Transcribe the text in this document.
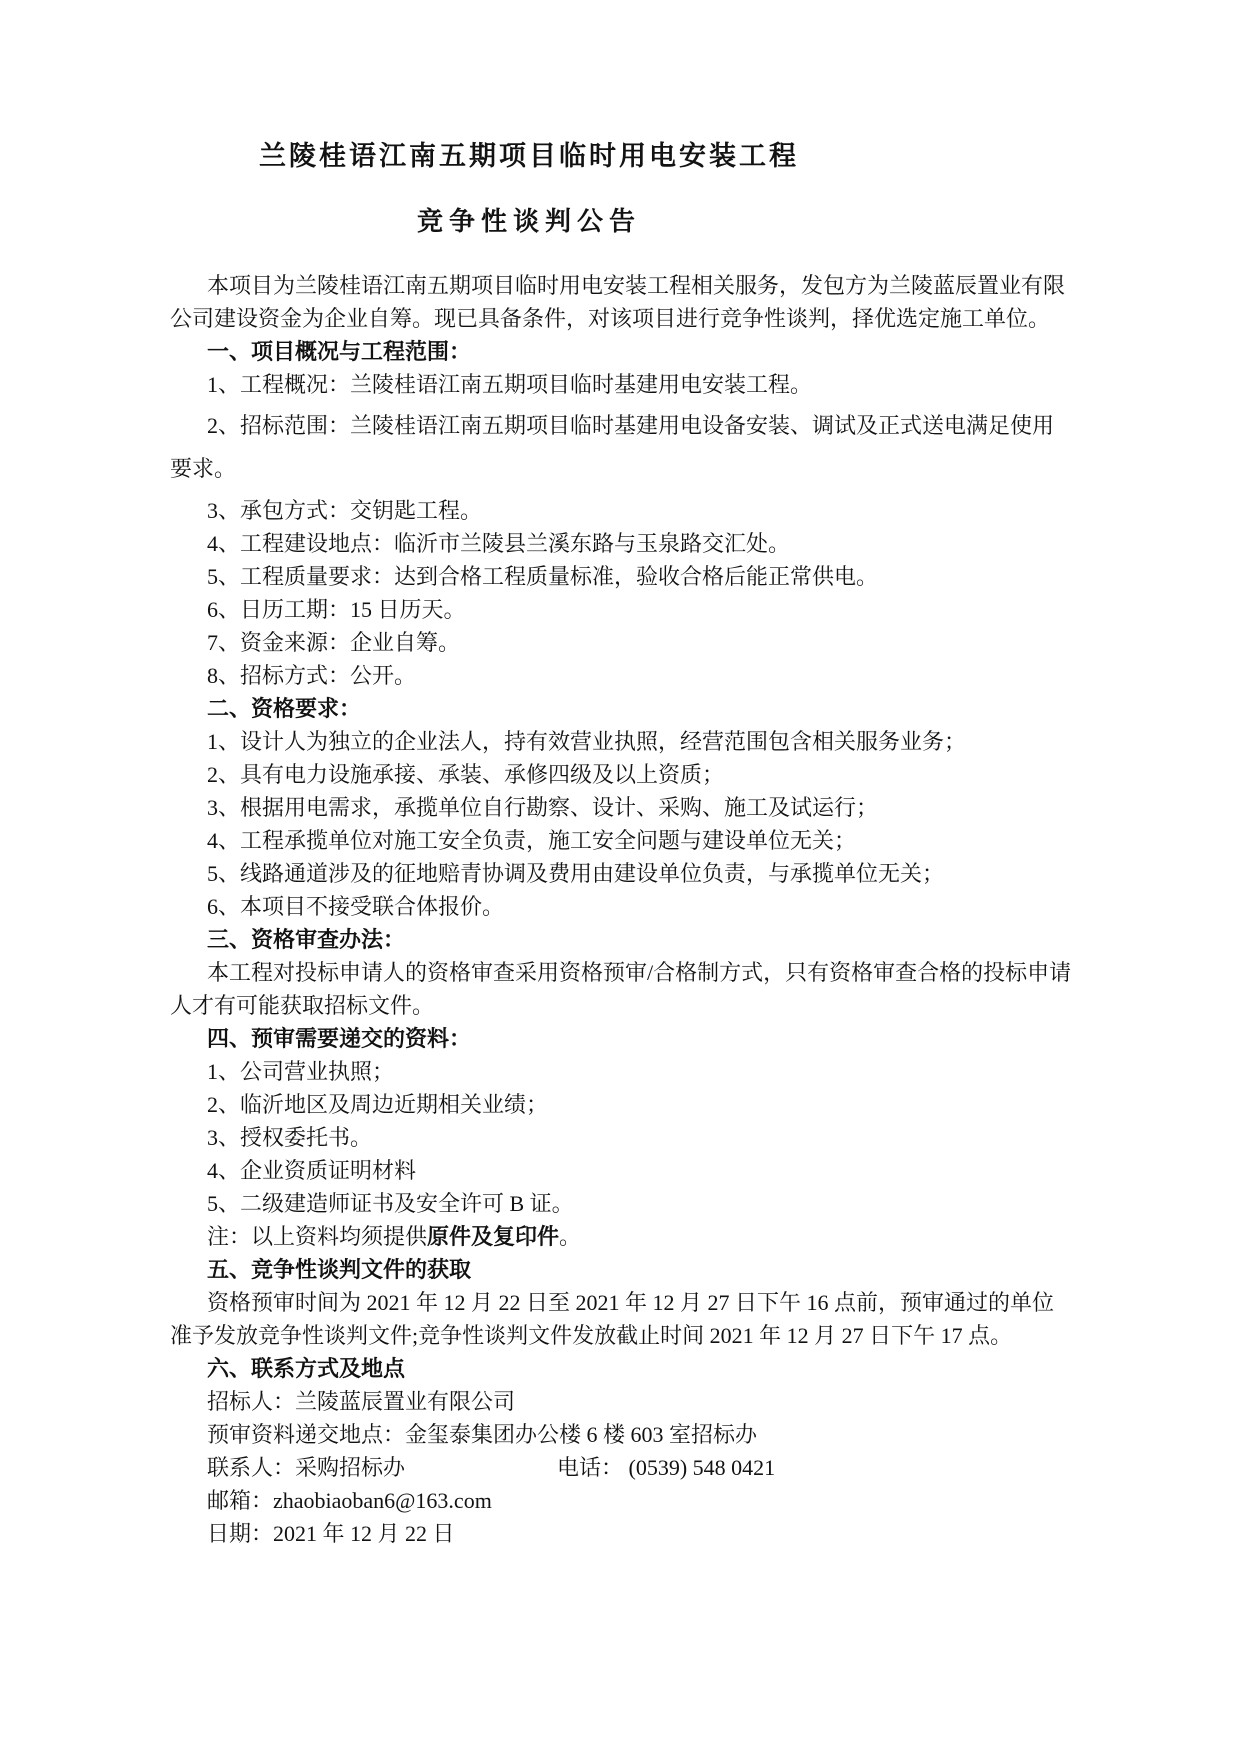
兰陵桂语江南五期项目临时用电安装工程
竞争性谈判公告

本项目为兰陵桂语江南五期项目临时用电安装工程相关服务，发包方为兰陵蓝辰置业有限公司建设资金为企业自筹。现已具备条件，对该项目进行竞争性谈判，择优选定施工单位。

一、项目概况与工程范围：

1、工程概况：兰陵桂语江南五期项目临时基建用电安装工程。

2、招标范围：兰陵桂语江南五期项目临时基建用电设备安装、调试及正式送电满足使用要求。

3、承包方式：交钥匙工程。

4、工程建设地点：临沂市兰陵县兰溪东路与玉泉路交汇处。

5、工程质量要求：达到合格工程质量标准，验收合格后能正常供电。

6、日历工期：15 日历天。

7、资金来源：企业自筹。

8、招标方式：公开。

二、资格要求：

1、设计人为独立的企业法人，持有效营业执照，经营范围包含相关服务业务；

2、具有电力设施承接、承装、承修四级及以上资质；

3、根据用电需求，承揽单位自行勘察、设计、采购、施工及试运行；

4、工程承揽单位对施工安全负责，施工安全问题与建设单位无关；

5、线路通道涉及的征地赔青协调及费用由建设单位负责，与承揽单位无关；

6、本项目不接受联合体报价。

三、资格审查办法：

本工程对投标申请人的资格审查采用资格预审/合格制方式，只有资格审查合格的投标申请人才有可能获取招标文件。

四、预审需要递交的资料：

1、公司营业执照；

2、临沂地区及周边近期相关业绩；

3、授权委托书。

4、企业资质证明材料

5、二级建造师证书及安全许可 B 证。

注：以上资料均须提供原件及复印件。

五、竞争性谈判文件的获取

资格预审时间为 2021 年 12 月 22 日至 2021 年 12 月 27 日下午 16 点前，预审通过的单位准予发放竞争性谈判文件;竞争性谈判文件发放截止时间 2021 年 12 月 27 日下午 17 点。

六、联系方式及地点

招标人：兰陵蓝辰置业有限公司

预审资料递交地点：金玺泰集团办公楼 6 楼 603 室招标办

联系人：采购招标办	电话： (0539) 548 0421

邮箱：zhaobiaoban6@163.com

日期：2021 年 12 月 22 日
